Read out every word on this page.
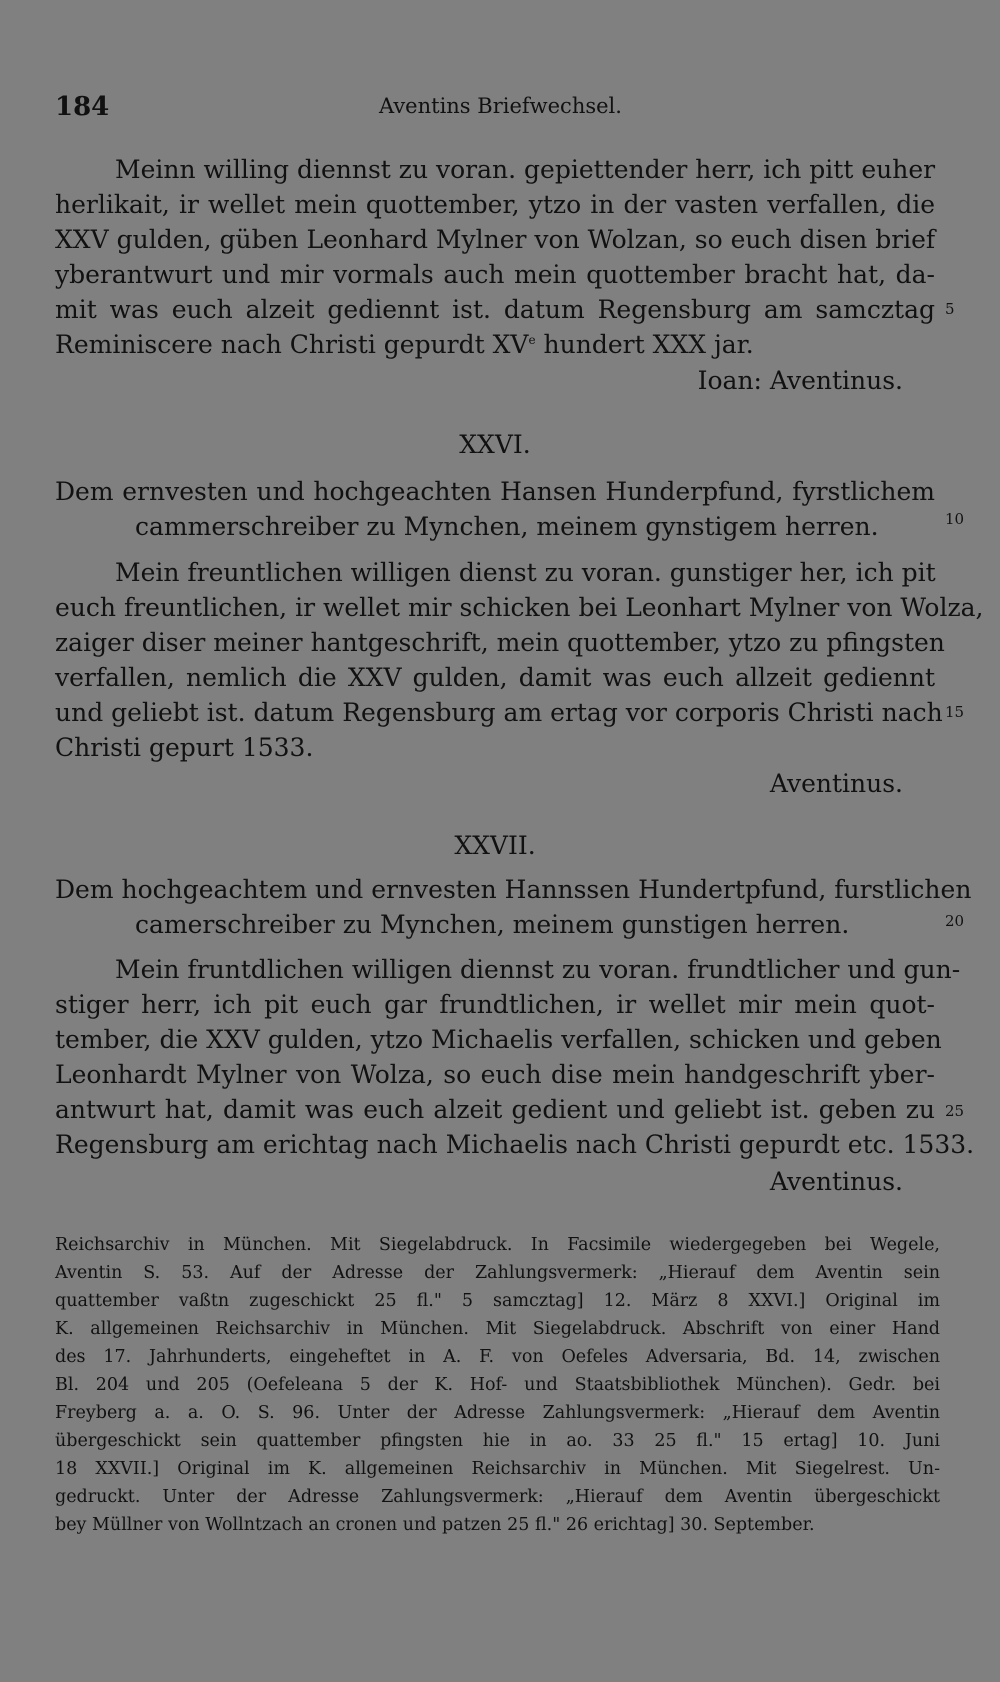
184	Aventins Briefwechsel.
Meinn willing diennst zu voran. gepiettender herr, ich pitt euher
herlikait, ir wellet mein quottember, ytzo in der vasten verfallen, die
XXV gulden, güben Leonhard Mylner von Wolzan, so euch disen brief
yberantwurt und mir vormals auch mein quottember bracht hat, da-
mit was euch alzeit gediennt ist. datum Regensburg am samcztag
Reminiscere nach Christi gepurdt XVe hundert XXX jar.
Ioan: Aventinus.
XXVI.
Dem ernvesten und hochgeachten Hansen Hunderpfund, fyrstlichem
cammerschreiber zu Mynchen, meinem gynstigem herren.
Mein freuntlichen willigen dienst zu voran. gunstiger her, ich pit
euch freuntlichen, ir wellet mir schicken bei Leonhart Mylner von Wolza,
zaiger diser meiner hantgeschrift, mein quottember, ytzo zu pfingsten
verfallen, nemlich die XXV gulden, damit was euch allzeit gediennt
und geliebt ist. datum Regensburg am ertag vor corporis Christi nach
Christi gepurt 1533.
Aventinus.
XXVII.
Dem hochgeachtem und ernvesten Hannssen Hundertpfund, furstlichen
camerschreiber zu Mynchen, meinem gunstigen herren.
Mein fruntdlichen willigen diennst zu voran. frundtlicher und gun-
stiger herr, ich pit euch gar frundtlichen, ir wellet mir mein quot-
tember, die XXV gulden, ytzo Michaelis verfallen, schicken und geben
Leonhardt Mylner von Wolza, so euch dise mein handgeschrift yber-
antwurt hat, damit was euch alzeit gedient und geliebt ist. geben zu
Regensburg am erichtag nach Michaelis nach Christi gepurdt etc. 1533.
Aventinus.
5
10
15
20
25
Reichsarchiv in München. Mit Siegelabdruck. In Facsimile wiedergegeben bei Wegele,
Aventin S. 53. Auf der Adresse der Zahlungsvermerk: „Hierauf dem Aventin sein
quattember vaßtn zugeschickt 25 fl." 5 samcztag] 12. März 8 XXVI.] Original im
K. allgemeinen Reichsarchiv in München. Mit Siegelabdruck. Abschrift von einer Hand
des 17. Jahrhunderts, eingeheftet in A. F. von Oefeles Adversaria, Bd. 14, zwischen
Bl. 204 und 205 (Oefeleana 5 der K. Hof- und Staatsbibliothek München). Gedr. bei
Freyberg a. a. O. S. 96. Unter der Adresse Zahlungsvermerk: „Hierauf dem Aventin
übergeschickt sein quattember pfingsten hie in ao. 33 25 fl." 15 ertag] 10. Juni
18 XXVII.] Original im K. allgemeinen Reichsarchiv in München. Mit Siegelrest. Un-
gedruckt. Unter der Adresse Zahlungsvermerk: „Hierauf dem Aventin übergeschickt
bey Müllner von Wollntzach an cronen und patzen 25 fl." 26 erichtag] 30. September.
